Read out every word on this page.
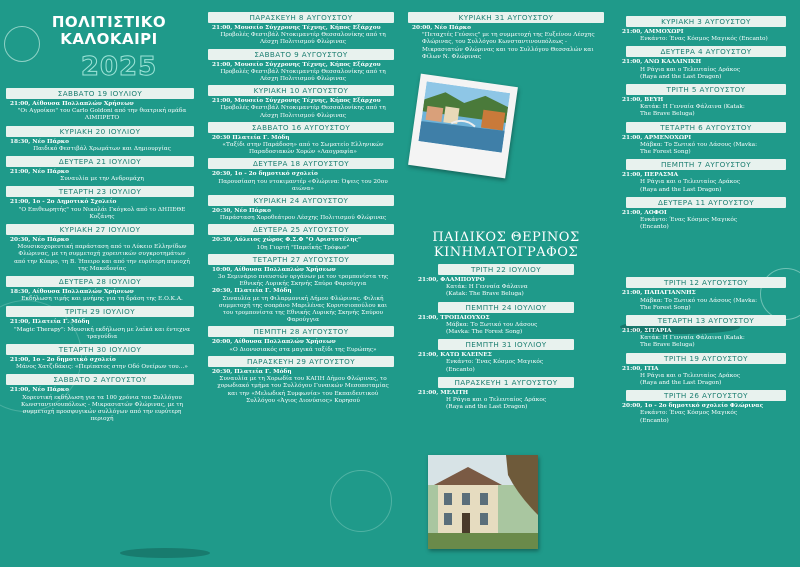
ΠΟΛΙΤΙΣΤΙΚΟ
ΚΑΛΟΚΑΙΡΙ
2025
ΣΑΒΒΑΤΟ 19 ΙΟΥΛΙΟΥ
21:00, Αίθουσα Πολλαπλών Χρήσεων
"Οι Αγροίκοι" του Carlo Goldoni από την θεατρική ομάδα ΛΙΜΠΡΕΤΟ
ΚΥΡΙΑΚΗ 20 ΙΟΥΛΙΟΥ
18:30, Νέο Πάρκο
Παιδικό Φεστιβάλ Χρωμάτων και Δημιουργίας
ΔΕΥΤΕΡΑ 21 ΙΟΥΛΙΟΥ
21:00, Νέο Πάρκο
Συναυλία με την Ανδρομάχη
ΤΕΤΑΡΤΗ 23 ΙΟΥΛΙΟΥ
21:00, 1ο - 2ο Δημοτικό Σχολείο
"Ο Επιθεωρητής" του Νικολάι Γκόγκολ από το ΔΗΠΕΘΕ Κοζάνης
ΚΥΡΙΑΚΗ 27 ΙΟΥΛΙΟΥ
20:30, Νέο Πάρκο
Μουσικοχορευτική παράσταση από το Λύκειο Ελληνίδων Φλώρινας, με τη συμμετοχή χορευτικών συγκροτημάτων από την Κύπρο, τη Β. Ήπειρο και από την ευρύτερη περιοχή της Μακεδονίας
ΔΕΥΤΕΡΑ 28 ΙΟΥΛΙΟΥ
18:30, Αίθουσα Πολλαπλών Χρήσεων
Εκδήλωση τιμής και μνήμης για τη δράση της Ε.Ο.Κ.Α.
ΤΡΙΤΗ 29 ΙΟΥΛΙΟΥ
21:00, Πλατεία Γ. Μόδη
"Magic Therapy": Μουσική εκδήλωση με λαϊκά και έντεχνα τραγούδια
ΤΕΤΑΡΤΗ 30 ΙΟΥΛΙΟΥ
21:00, 1ο - 2ο δημοτικό σχολείο
Μάνος Χατζιδάκις: «Περίπατος στην Οδό Ονείρων του…»
ΣΑΒΒΑΤΟ 2 ΑΥΓΟΥΣΤΟΥ
21:00, Νέο Πάρκο
Χορευτική εκδήλωση για τα 100 χρόνια του Συλλόγου Κωνσταντινουπόλεως - Μικρασιατών Φλώρινας, με τη συμμετοχή προσφυγικών συλλόγων από την ευρύτερη περιοχή
ΠΑΡΑΣΚΕΥΗ 8 ΑΥΓΟΥΣΤΟΥ
21:00, Μουσείο Σύγχρονης Τέχνης, Κήπος Εξάρχου
Προβολές Φεστιβάλ Ντοκιμαντέρ Θεσσαλονίκης από τη Λέσχη Πολιτισμού Φλώρινας
ΣΑΒΒΑΤΟ 9 ΑΥΓΟΥΣΤΟΥ
21:00, Μουσείο Σύγχρονης Τέχνης, Κήπος Εξάρχου
Προβολές Φεστιβάλ Ντοκιμαντέρ Θεσσαλονίκης από τη Λέσχη Πολιτισμού Φλώρινας
ΚΥΡΙΑΚΗ 10 ΑΥΓΟΥΣΤΟΥ
21:00, Μουσείο Σύγχρονης Τέχνης, Κήπος Εξάρχου
Προβολές Φεστιβάλ Ντοκιμαντέρ Θεσσαλονίκης από τη Λέσχη Πολιτισμού Φλώρινας
ΣΑΒΒΑΤΟ 16 ΑΥΓΟΥΣΤΟΥ
20:30 Πλατεία Γ. Μόδη
«Ταξίδι στην Παράδοση» από το Σωματείο Ελληνικών Παραδοσιακών Χορών «Λαογραφία»
ΔΕΥΤΕΡΑ 18 ΑΥΓΟΥΣΤΟΥ
20:30, 1ο - 2ο δημοτικό σχολείο
Παρουσίαση του ντοκιμαντέρ «Φλώρινα: Όψεις του 20ου αιώνα»
ΚΥΡΙΑΚΗ 24 ΑΥΓΟΥΣΤΟΥ
20:30, Νέο Πάρκο
Παράσταση Χοροθεάτρου Λέσχης Πολιτισμού Φλώρινας
ΔΕΥΤΕΡΑ 25 ΑΥΓΟΥΣΤΟΥ
20:30, Αύλειος χώρος Φ.Σ.Φ "Ο Αριστοτέλης"
10η Γιορτή "Παρεΐκής Τρόφων"
ΤΕΤΑΡΤΗ 27 ΑΥΓΟΥΣΤΟΥ
10:00, Αίθουσα Πολλαπλών Χρήσεων
3ο Σεμινάριο πνευστών οργάνων με τον τρομπονίστα της Εθνικής Λυρικής Σκηνής Σπύρο Φαρούγγια
20:30, Πλατεία Γ. Μόδη
Συναυλία με τη Φιλαρμονική Δήμου Φλώρινας. Φιλική συμμετοχή της σοπράνο Μαριλένας Κορυτσιοπούλου και του τρομπονίστα της Εθνικής Λυρικής Σκηνής Σπύρου Φαρούγγια
ΠΕΜΠΤΗ 28 ΑΥΓΟΥΣΤΟΥ
20:00, Αίθουσα Πολλαπλών Χρήσεων
«Ο Διονυσιακός στα μαγικά ταξίδι της Ευρώπης»
ΠΑΡΑΣΚΕΥΗ 29 ΑΥΓΟΥΣΤΟΥ
20:30, Πλατεία Γ. Μόδη
Συναυλία με τη Χορωδία του ΚΑΠΗ Δήμου Φλώρινας, το χορωδιακό τμήμα του Συλλόγου Γυναικών Μεσοποταμίας και την «Μελωδική Συμφωνία» του Εκπαιδευτικού Συλλόγου «Άγιος Διονύσιος» Κορησού
ΚΥΡΙΑΚΗ 31 ΑΥΓΟΥΣΤΟΥ
20:00, Νέο Πάρκο
"Πεταχτές Γεύσεις" με τη συμμετοχή της Ευξείνου Λέσχης Φλώρινας, του Συλλόγου Κωνσταντινουπόλεως - Μικρασιατών Φλώρινας και του Συλλόγου Θεσσαλών και Φίλων Ν. Φλώρινας
ΠΑΙΔΙΚΟΣ ΘΕΡΙΝΟΣ
ΚΙΝΗΜΑΤΟΓΡΑΦΟΣ
ΤΡΙΤΗ 22 ΙΟΥΛΙΟΥ
21:00, ΦΛΑΜΠΟΥΡΟ
Κατάκ: Η Γενναία Φάλαινα
(Katak: The Brave Beluga)
ΠΕΜΠΤΗ 24 ΙΟΥΛΙΟΥ
21:00, ΤΡΟΠΑΙΟΥΧΟΣ
Μάβκα: Το Ξωτικό του Δάσους
(Mavka: The Forest Song)
ΠΕΜΠΤΗ 31 ΙΟΥΛΙΟΥ
21:00, ΚΑΤΩ ΚΛΕΙΝΕΣ
Ενκάντο: Ένας Κόσμος Μαγικός
(Encanto)
ΠΑΡΑΣΚΕΥΗ 1 ΑΥΓΟΥΣΤΟΥ
21:00, ΜΕΛΙΤΗ
Η Ράγια και ο Τελευταίος Δράκος
(Raya and the Last Dragon)
ΚΥΡΙΑΚΗ 3 ΑΥΓΟΥΣΤΟΥ
21:00, ΑΜΜΟΧΩΡΙ
Ενκάντο: Ένας Κόσμος Μαγικός (Encanto)
ΔΕΥΤΕΡΑ 4 ΑΥΓΟΥΣΤΟΥ
21:00, ΑΝΩ ΚΑΛΛΙΝΙΚΗ
Η Ράγια και ο Τελευταίος Δράκος
(Raya and the Last Dragon)
ΤΡΙΤΗ 5 ΑΥΓΟΥΣΤΟΥ
21:00, ΒΕΥΗ
Κατάκ: Η Γενναία Φάλαινα (Katak:
The Brave Beluga)
ΤΕΤΑΡΤΗ 6 ΑΥΓΟΥΣΤΟΥ
21:00, ΑΡΜΕΝΟΧΩΡΙ
Μάβκα: Το Ξωτικό του Δάσους (Mavka:
The Forest Song)
ΠΕΜΠΤΗ 7 ΑΥΓΟΥΣΤΟΥ
21:00, ΠΕΡΑΣΜΑ
Η Ράγια και ο Τελευταίος Δράκος
(Raya and the Last Dragon)
ΔΕΥΤΕΡΑ 11 ΑΥΓΟΥΣΤΟΥ
21:00, ΛΟΦΟΙ
Ενκάντο: Ένας Κόσμος Μαγικός
(Encanto)
ΤΡΙΤΗ 12 ΑΥΓΟΥΣΤΟΥ
21:00, ΠΑΠΑΓΙΑΝΝΗΣ
Μάβκα: Το Ξωτικό του Δάσους (Mavka:
The Forest Song)
ΤΕΤΑΡΤΗ 13 ΑΥΓΟΥΣΤΟΥ
21:00, ΣΙΤΑΡΙΑ
Κατάκ: Η Γενναία Φάλαινα (Katak:
The Brave Beluga)
ΤΡΙΤΗ 19 ΑΥΓΟΥΣΤΟΥ
21:00, ΙΤΙΑ
Η Ράγια και ο Τελευταίος Δράκος
(Raya and the Last Dragon)
ΤΡΙΤΗ 26 ΑΥΓΟΥΣΤΟΥ
20:00, 1ο - 2ο δημοτικό σχολείο Φλώρινας
Ενκάντο: Ένας Κόσμος Μαγικός
(Encanto)
